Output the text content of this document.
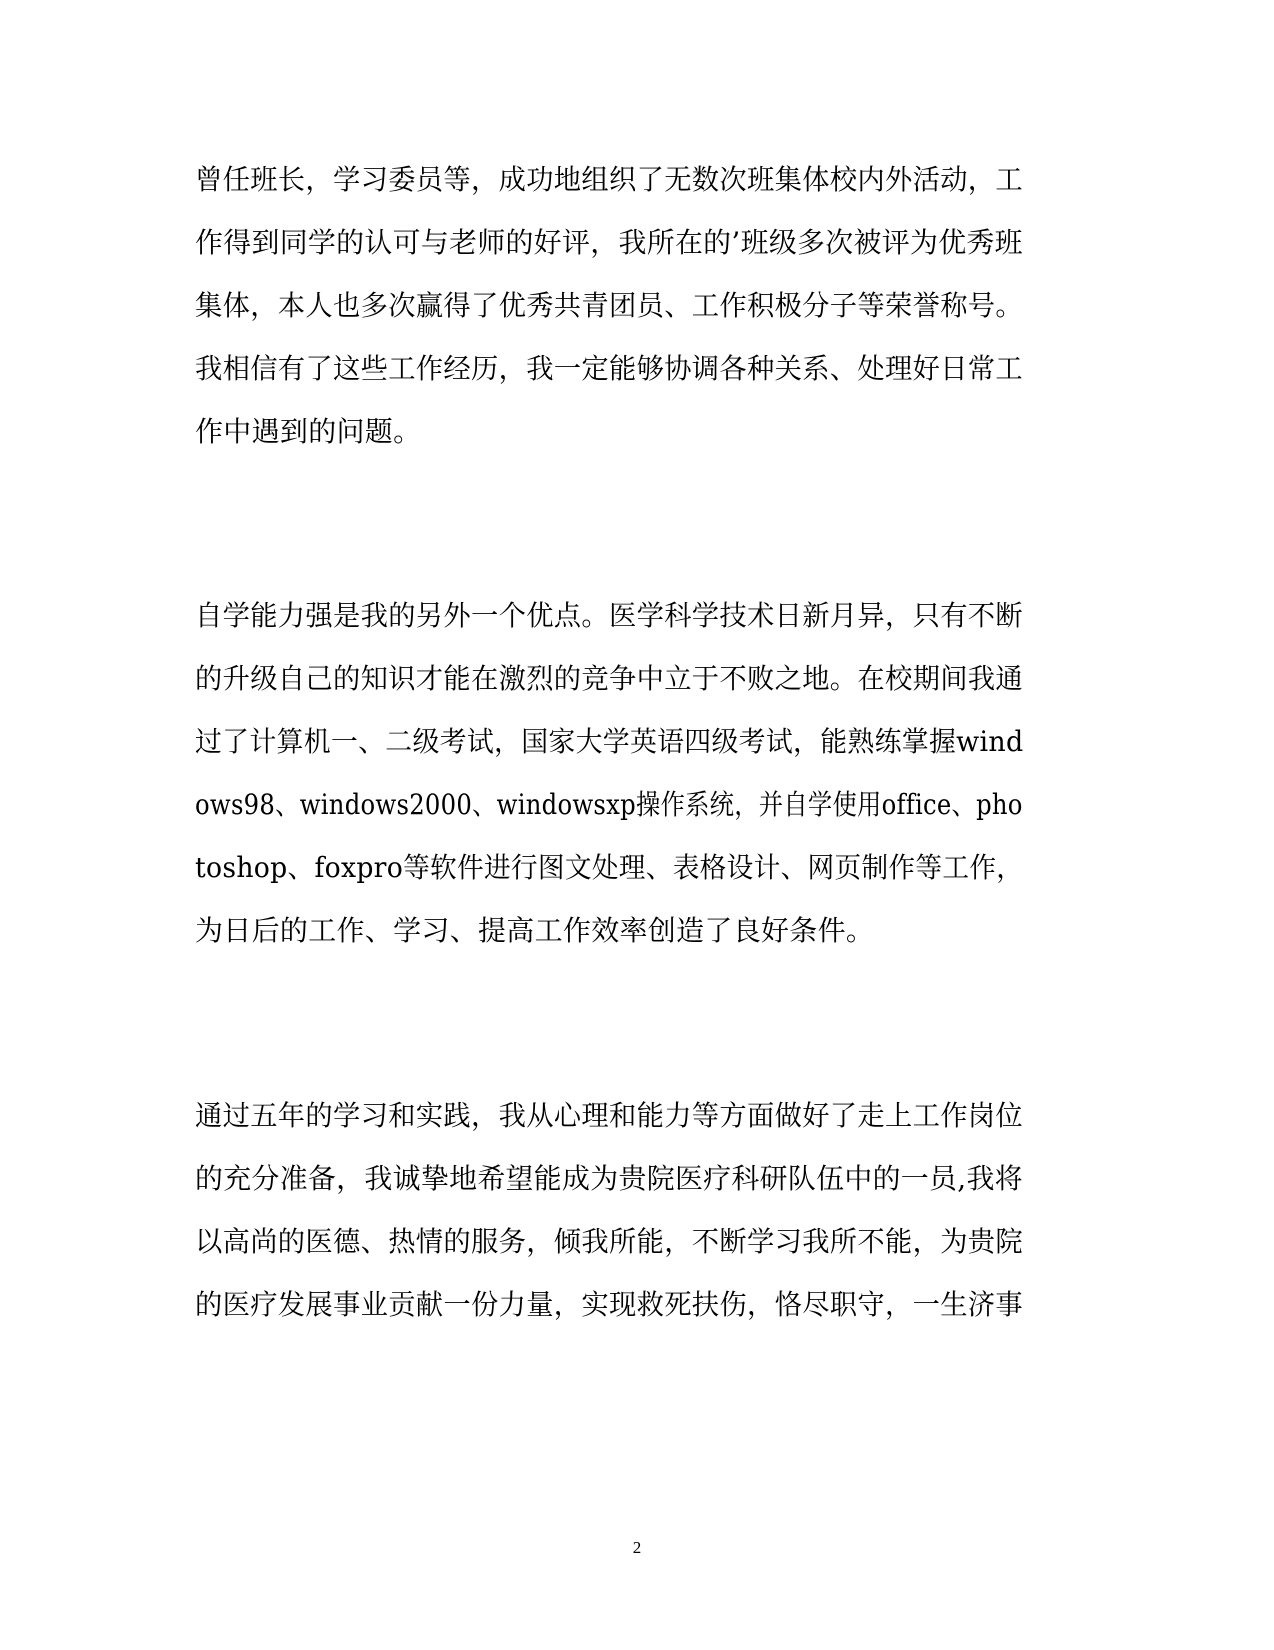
曾任班长，学习委员等，成功地组织了无数次班集体校内外活动，工
作得到同学的认可与老师的好评，我所在的’班级多次被评为优秀班
集体，本人也多次赢得了优秀共青团员、工作积极分子等荣誉称号。
我相信有了这些工作经历，我一定能够协调各种关系、处理好日常工
作中遇到的问题。
自学能力强是我的另外一个优点。医学科学技术日新月异，只有不断
的升级自己的知识才能在激烈的竞争中立于不败之地。在校期间我通
过了计算机一、二级考试，国家大学英语四级考试，能熟练掌握wind
ows98、windows2000、windowsxp操作系统，并自学使用office、pho
toshop、foxpro等软件进行图文处理、表格设计、网页制作等工作，
为日后的工作、学习、提高工作效率创造了良好条件。
通过五年的学习和实践，我从心理和能力等方面做好了走上工作岗位
的充分准备，我诚挚地希望能成为贵院医疗科研队伍中的一员,我将
以高尚的医德、热情的服务，倾我所能，不断学习我所不能，为贵院
的医疗发展事业贡献一份力量，实现救死扶伤，恪尽职守，一生济事
2
